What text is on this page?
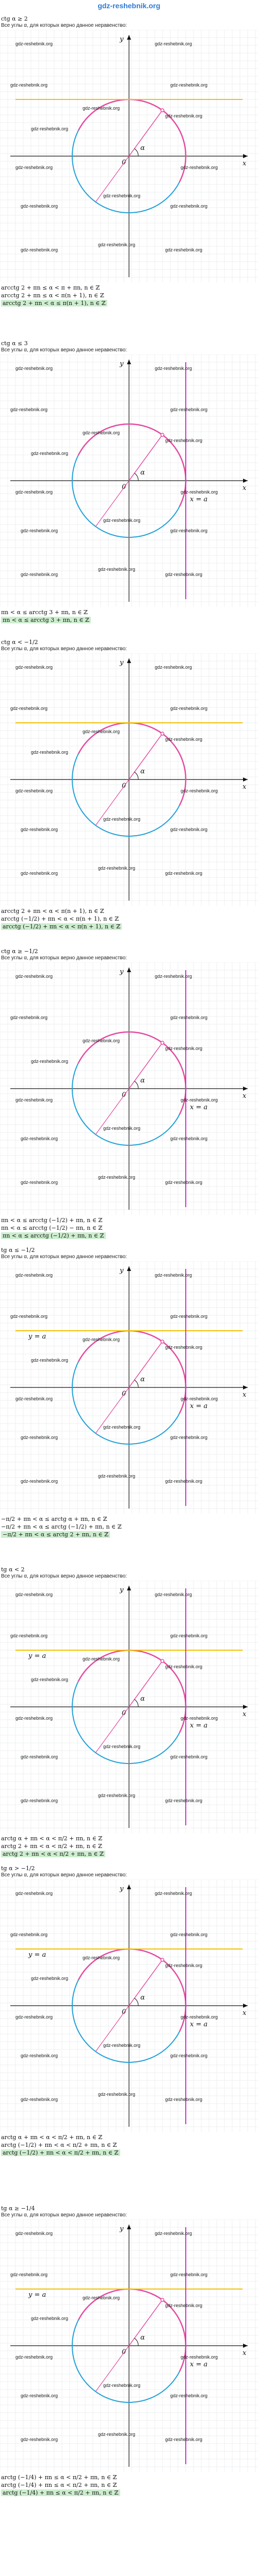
gdz-reshebnik.org
ctg α ≥ 2
Все углы α, для которых верно данное неравенство:
x
y
0
α
gdz-reshebnik.org	gdz-reshebnik.org
gdz-reshebnik.org	gdz-reshebnik.org
gdz-reshebnik.org
gdz-reshebnik.org
gdz-reshebnik.org
gdz-reshebnik.org	gdz-reshebnik.org
gdz-reshebnik.org
gdz-reshebnik.org	gdz-reshebnik.org
gdz-reshebnik.org
gdz-reshebnik.org	gdz-reshebnik.org
arcctg 2 + πn ≤ α < π + πn, n ∈ ℤ
arcctg 2 + πn ≤ α < π(n + 1), n ∈ ℤ
arcctg 2 + πn < α ≤ π(n + 1), n ∈ ℤ
ctg α ≤ 3
Все углы α, для которых верно данное неравенство:
x
y
0
α
x = a
gdz-reshebnik.org	gdz-reshebnik.org
gdz-reshebnik.org	gdz-reshebnik.org
gdz-reshebnik.org
gdz-reshebnik.org
gdz-reshebnik.org
gdz-reshebnik.org	gdz-reshebnik.org
gdz-reshebnik.org
gdz-reshebnik.org	gdz-reshebnik.org
gdz-reshebnik.org
gdz-reshebnik.org	gdz-reshebnik.org
πn < α ≤ arcctg 3 + πn, n ∈ ℤ
πn < α ≤ arcctg 3 + πn, n ∈ ℤ
ctg α < −1/2
Все углы α, для которых верно данное неравенство:
x
y
0
α
gdz-reshebnik.org	gdz-reshebnik.org
gdz-reshebnik.org	gdz-reshebnik.org
gdz-reshebnik.org
gdz-reshebnik.org
gdz-reshebnik.org
gdz-reshebnik.org	gdz-reshebnik.org
gdz-reshebnik.org
gdz-reshebnik.org	gdz-reshebnik.org
gdz-reshebnik.org
gdz-reshebnik.org	gdz-reshebnik.org
arcctg 2 + πn < α < π(n + 1), n ∈ ℤ
arcctg (−1/2) + πn < α < π(n + 1), n ∈ ℤ
arcctg (−1/2) + πn < α < π(n + 1), n ∈ ℤ
ctg α ≥ −1/2
Все углы α, для которых верно данное неравенство:
x
y
0
α
x = a
gdz-reshebnik.org	gdz-reshebnik.org
gdz-reshebnik.org	gdz-reshebnik.org
gdz-reshebnik.org
gdz-reshebnik.org
gdz-reshebnik.org
gdz-reshebnik.org	gdz-reshebnik.org
gdz-reshebnik.org
gdz-reshebnik.org	gdz-reshebnik.org
gdz-reshebnik.org
gdz-reshebnik.org	gdz-reshebnik.org
πn < α ≤ arcctg (−1/2) + πn, n ∈ ℤ
πn < α ≤ arcctg (−1/2) − πn, n ∈ ℤ
πn < α ≤ arcctg (−1/2) + πn, n ∈ ℤ
tg α ≤ −1/2
Все углы α, для которых верно данное неравенство:
x
y
0
α
y = a
x = a
gdz-reshebnik.org	gdz-reshebnik.org
gdz-reshebnik.org	gdz-reshebnik.org
gdz-reshebnik.org
gdz-reshebnik.org
gdz-reshebnik.org
gdz-reshebnik.org	gdz-reshebnik.org
gdz-reshebnik.org
gdz-reshebnik.org	gdz-reshebnik.org
gdz-reshebnik.org
gdz-reshebnik.org	gdz-reshebnik.org
−π/2 + πn < α ≤ arctg α + πn, n ∈ ℤ
−π/2 + πn < α ≤ arctg (−1/2) + πn, n ∈ ℤ
−π/2 + πn < α ≤ arctg 2 + πn, n ∈ ℤ
tg α < 2
Все углы α, для которых верно данное неравенство:
x
y
0
α
y = a
x = a
gdz-reshebnik.org	gdz-reshebnik.org
gdz-reshebnik.org	gdz-reshebnik.org
gdz-reshebnik.org
gdz-reshebnik.org
gdz-reshebnik.org
gdz-reshebnik.org	gdz-reshebnik.org
gdz-reshebnik.org
gdz-reshebnik.org	gdz-reshebnik.org
gdz-reshebnik.org
gdz-reshebnik.org	gdz-reshebnik.org
arctg α + πn < α < π/2 + πn, n ∈ ℤ
arctg 2 + πn < α < π/2 + πn, n ∈ ℤ
arctg 2 + πn < α < π/2 + πn, n ∈ ℤ
tg α > −1/2
Все углы α, для которых верно данное неравенство:
x
y
0
α
y = a
x = a
gdz-reshebnik.org	gdz-reshebnik.org
gdz-reshebnik.org	gdz-reshebnik.org
gdz-reshebnik.org
gdz-reshebnik.org
gdz-reshebnik.org
gdz-reshebnik.org	gdz-reshebnik.org
gdz-reshebnik.org
gdz-reshebnik.org	gdz-reshebnik.org
gdz-reshebnik.org
gdz-reshebnik.org	gdz-reshebnik.org
arctg α + πn < α < π/2 + πn, n ∈ ℤ
arctg (−1/2) + πn < α < π/2 + πn, n ∈ ℤ
arctg (−1/2) + πn < α < π/2 + πn, n ∈ ℤ
tg α ≥ −1/4
Все углы α, для которых верно данное неравенство:
x
y
0
α
y = a
x = a
gdz-reshebnik.org	gdz-reshebnik.org
gdz-reshebnik.org	gdz-reshebnik.org
gdz-reshebnik.org
gdz-reshebnik.org
gdz-reshebnik.org
gdz-reshebnik.org	gdz-reshebnik.org
gdz-reshebnik.org
gdz-reshebnik.org	gdz-reshebnik.org
gdz-reshebnik.org
gdz-reshebnik.org	gdz-reshebnik.org
arctg (−1/4) + πn ≤ α < π/2 + πn, n ∈ ℤ
arctg (−1/4) + πn ≤ α < π/2 + πn, n ∈ ℤ
arctg (−1/4) + πn ≤ α < π/2 + πn, n ∈ ℤ
